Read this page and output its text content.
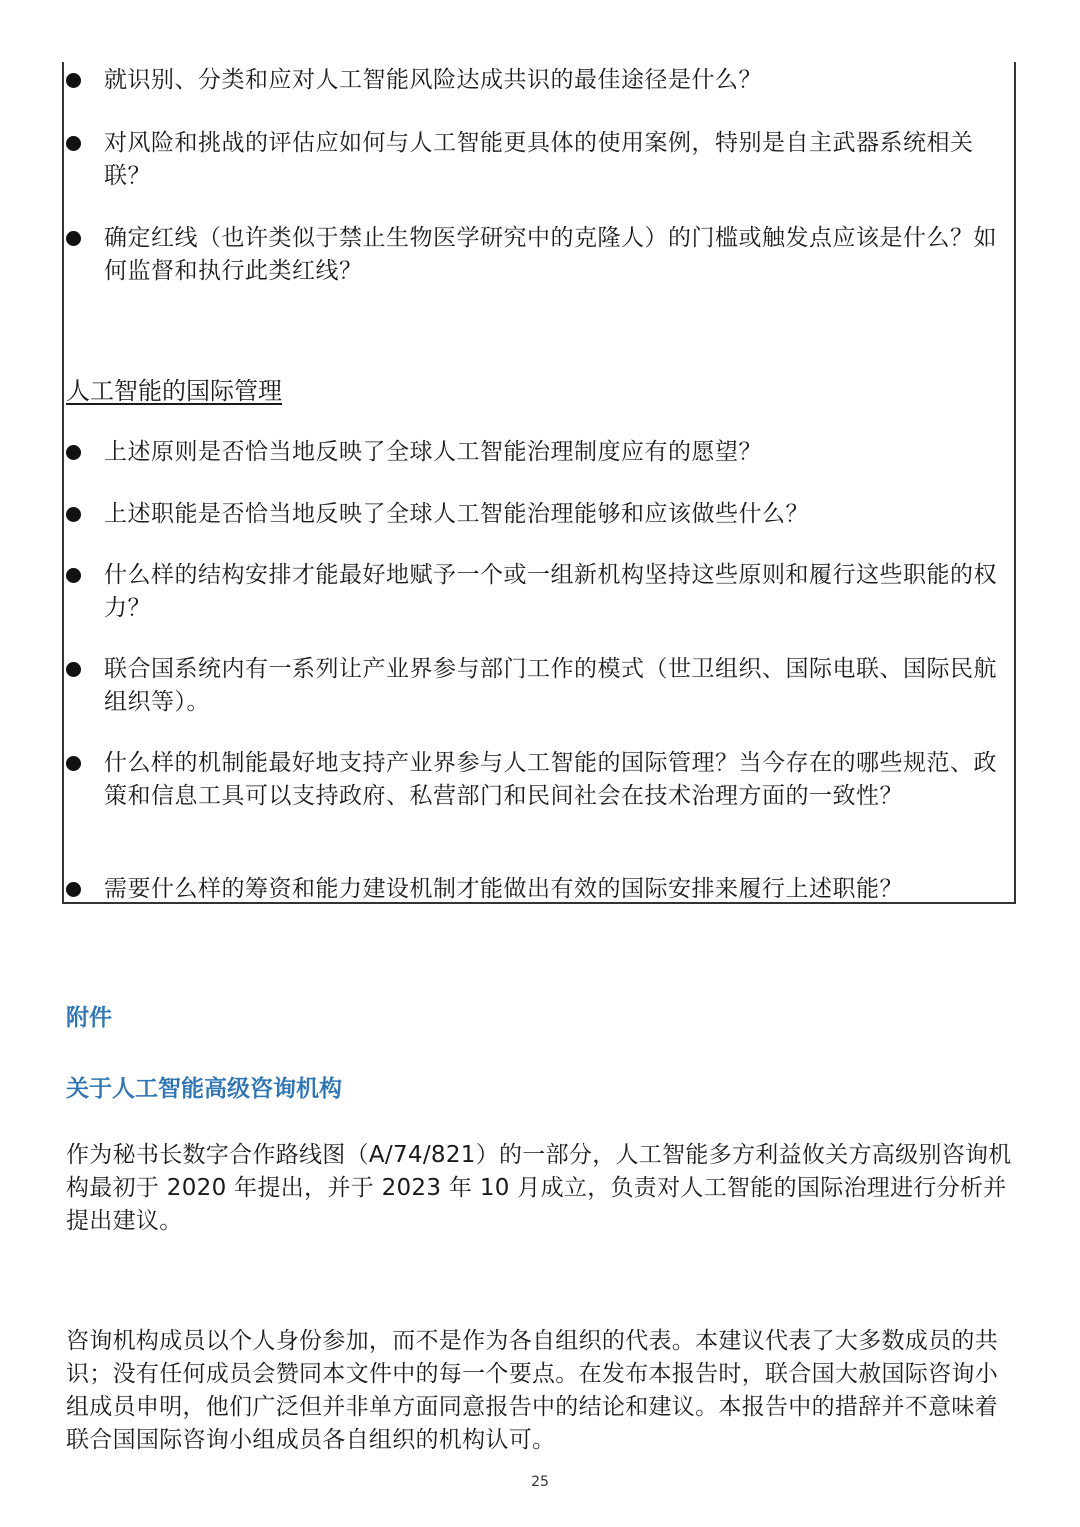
就识别、分类和应对人工智能风险达成共识的最佳途径是什么？
对风险和挑战的评估应如何与人工智能更具体的使用案例，特别是自主武器系统相关联？
确定红线（也许类似于禁止生物医学研究中的克隆人）的门槛或触发点应该是什么？如何监督和执行此类红线？
人工智能的国际管理
上述原则是否恰当地反映了全球人工智能治理制度应有的愿望？
上述职能是否恰当地反映了全球人工智能治理能够和应该做些什么？
什么样的结构安排才能最好地赋予一个或一组新机构坚持这些原则和履行这些职能的权力？
联合国系统内有一系列让产业界参与部门工作的模式（世卫组织、国际电联、国际民航组织等）。
什么样的机制能最好地支持产业界参与人工智能的国际管理？当今存在的哪些规范、政策和信息工具可以支持政府、私营部门和民间社会在技术治理方面的一致性？
需要什么样的筹资和能力建设机制才能做出有效的国际安排来履行上述职能？
附件
关于人工智能高级咨询机构
作为秘书长数字合作路线图（A/74/821）的一部分，人工智能多方利益攸关方高级别咨询机构最初于 2020 年提出，并于 2023 年 10 月成立，负责对人工智能的国际治理进行分析并提出建议。
咨询机构成员以个人身份参加，而不是作为各自组织的代表。本建议代表了大多数成员的共识；没有任何成员会赞同本文件中的每一个要点。在发布本报告时，联合国大赦国际咨询小组成员申明，他们广泛但并非单方面同意报告中的结论和建议。本报告中的措辞并不意味着联合国国际咨询小组成员各自组织的机构认可。
25
